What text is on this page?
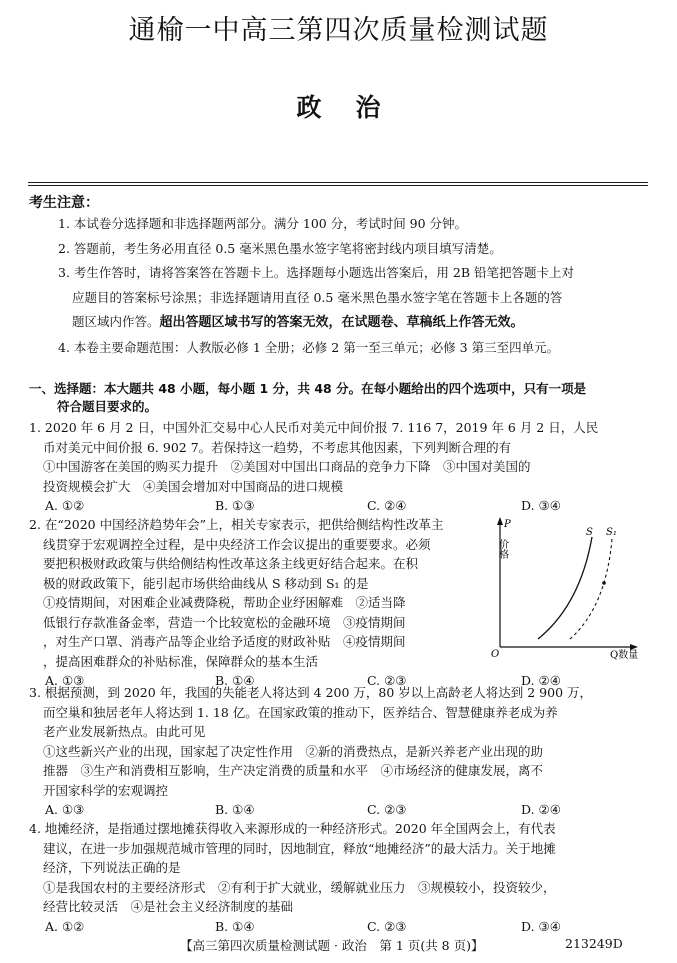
通榆一中高三第四次质量检测试题
政治
考生注意：
1. 本试卷分选择题和非选择题两部分。满分 100 分，考试时间 90 分钟。
2. 答题前，考生务必用直径 0.5 毫米黑色墨水签字笔将密封线内项目填写清楚。
3. 考生作答时，请将答案答在答题卡上。选择题每小题选出答案后，用 2B 铅笔把答题卡上对
应题目的答案标号涂黑；非选择题请用直径 0.5 毫米黑色墨水签字笔在答题卡上各题的答
题区域内作答。超出答题区域书写的答案无效，在试题卷、草稿纸上作答无效。
4. 本卷主要命题范围：人教版必修 1 全册；必修 2 第一至三单元；必修 3 第三至四单元。
一、选择题：本大题共 48 小题，每小题 1 分，共 48 分。在每小题给出的四个选项中，只有一项是
符合题目要求的。
1. 2020 年 6 月 2 日，中国外汇交易中心人民币对美元中间价报 7. 116 7，2019 年 6 月 2 日，人民
币对美元中间价报 6. 902 7。若保持这一趋势，不考虑其他因素，下列判断合理的有
①中国游客在美国的购买力提升　②美国对中国出口商品的竞争力下降　③中国对美国的
投资规模会扩大　④美国会增加对中国商品的进口规模
A. ①②	B. ①③	C. ②④	D. ③④
2. 在“2020 中国经济趋势年会”上，相关专家表示，把供给侧结构性改革主
线贯穿于宏观调控全过程，是中央经济工作会议提出的重要要求。必须
要把积极财政政策与供给侧结构性改革这条主线更好结合起来。在积
极的财政政策下，能引起市场供给曲线从 S 移动到 S₁ 的是
①疫情期间，对困难企业减费降税，帮助企业纾困解难　②适当降
低银行存款准备金率，营造一个比较宽松的金融环境　③疫情期间
，对生产口罩、消毒产品等企业给予适度的财政补贴　④疫情期间
，提高困难群众的补贴标准，保障群众的基本生活
A. ①③	B. ①④	C. ②③	D. ②④
P
价格
O	Q数量
S S₁
3. 根据预测，到 2020 年，我国的失能老人将达到 4 200 万，80 岁以上高龄老人将达到 2 900 万，
而空巢和独居老年人将达到 1. 18 亿。在国家政策的推动下，医养结合、智慧健康养老成为养
老产业发展新热点。由此可见
①这些新兴产业的出现，国家起了决定性作用　②新的消费热点，是新兴养老产业出现的助
推器　③生产和消费相互影响，生产决定消费的质量和水平　④市场经济的健康发展，离不
开国家科学的宏观调控
A. ①③	B. ①④	C. ②③	D. ②④
4. 地摊经济，是指通过摆地摊获得收入来源形成的一种经济形式。2020 年全国两会上，有代表
建议，在进一步加强规范城市管理的同时，因地制宜，释放“地摊经济”的最大活力。关于地摊
经济，下列说法正确的是
①是我国农村的主要经济形式　②有利于扩大就业，缓解就业压力　③规模较小，投资较少，
经营比较灵活　④是社会主义经济制度的基础
A. ①②	B. ①④	C. ②③	D. ③④
【高三第四次质量检测试题 · 政治　第 1 页(共 8 页)】	213249D
